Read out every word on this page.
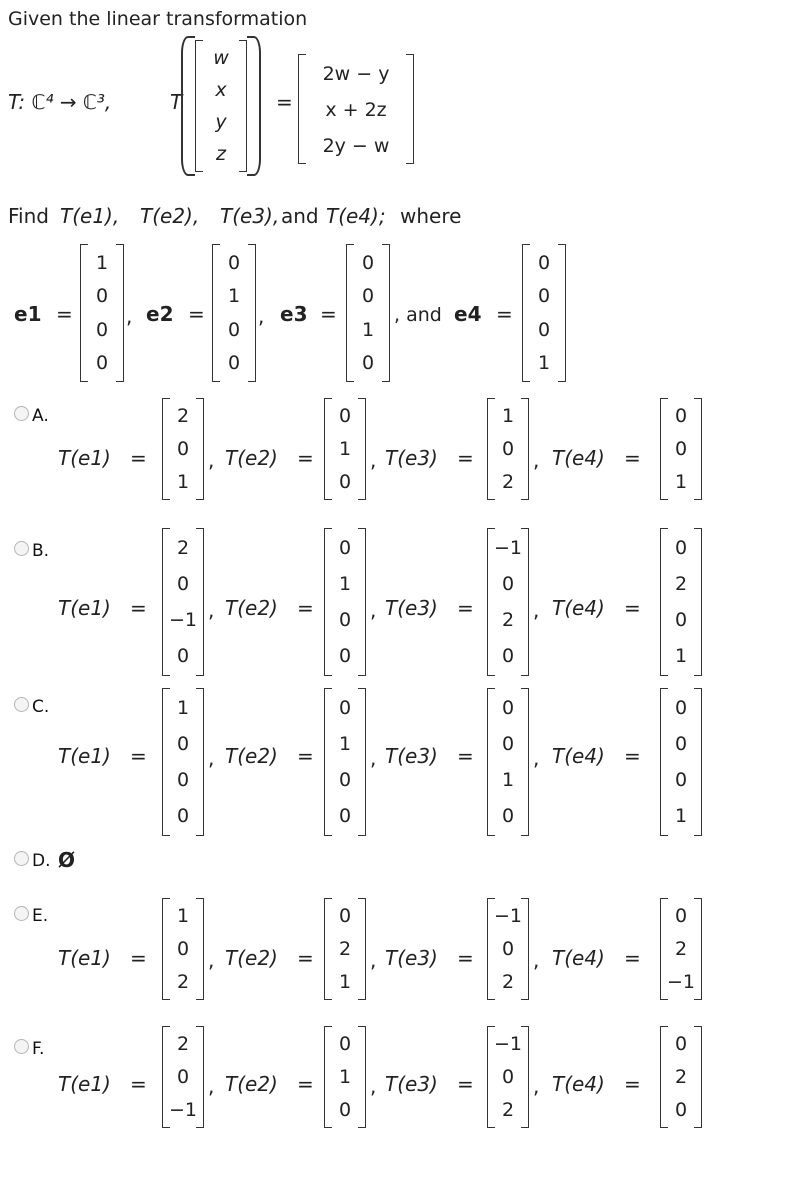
Given the linear transformation
T: ℂ⁴ → ℂ³,	T
w
x
y
z
=
2w − y
x + 2z
2y − w
Find T(e1), T(e2), T(e3), and T(e4); where
e1 =
1
0
0
0
, e2 =
0
1
0
0
, e3 =
0
0
1
0
, and e4 =
0
0
0
1
A.
T(e1) =
2
0
1
, T(e2) =
0
1
0
, T(e3) =
1
0
2
, T(e4) =
0
0
1
B.
T(e1) =
2
0
−1
0
, T(e2) =
0
1
0
0
, T(e3) =
−1
0
2
0
, T(e4) =
0
2
0
1
C.
T(e1) =
1
0
0
0
, T(e2) =
0
1
0
0
, T(e3) =
0
0
1
0
, T(e4) =
0
0
0
1
D. Ø
E.
T(e1) =
1
0
2
, T(e2) =
0
2
1
, T(e3) =
−1
0
2
, T(e4) =
0
2
−1
F.
T(e1) =
2
0
−1
, T(e2) =
0
1
0
, T(e3) =
−1
0
2
, T(e4) =
0
2
0
